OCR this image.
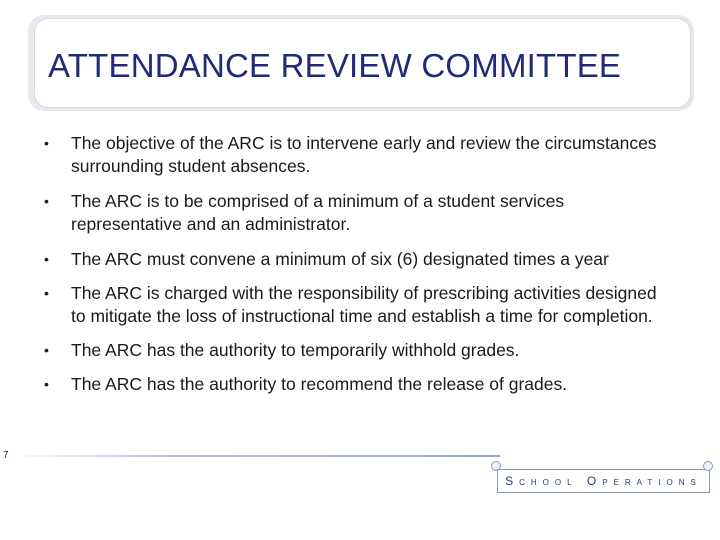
ATTENDANCE REVIEW COMMITTEE
• The objective of the ARC is to intervene early and review the circumstances surrounding student absences.
• The ARC is to be comprised of a minimum of a student services representative and an administrator.
• The ARC must convene a minimum of six (6) designated times a year
• The ARC is charged with the responsibility of prescribing activities designed to mitigate the loss of instructional time and establish a time for completion.
• The ARC has the authority to temporarily withhold grades.
• The ARC has the authority to recommend the release of grades.
7
School Operations
